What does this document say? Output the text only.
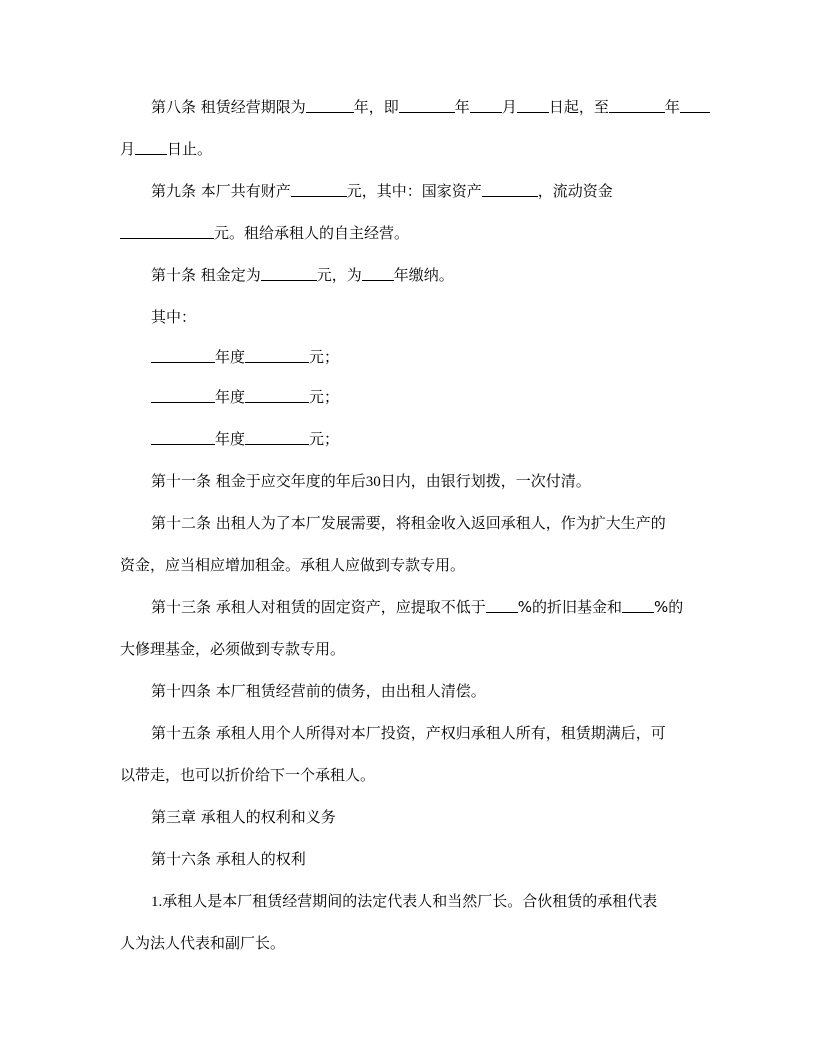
第八条 租赁经营期限为	年，即	年 月 日起，至	年
月 日止。
第九条 本厂共有财产	元，其中：国家资产	，流动资金
元。租给承租人的自主经营。
第十条 租金定为	元，为 年缴纳。
其中：
年度	元；
年度	元；
年度	元；
第十一条 租金于应交年度的年后30日内，由银行划拨，一次付清。
第十二条 出租人为了本厂发展需要，将租金收入返回承租人，作为扩大生产的
资金，应当相应增加租金。承租人应做到专款专用。
第十三条 承租人对租赁的固定资产，应提取不低于 %的折旧基金和 %的
大修理基金，必须做到专款专用。
第十四条 本厂租赁经营前的债务，由出租人清偿。
第十五条 承租人用个人所得对本厂投资，产权归承租人所有，租赁期满后，可
以带走，也可以折价给下一个承租人。
第三章 承租人的权利和义务
第十六条 承租人的权利
1.承租人是本厂租赁经营期间的法定代表人和当然厂长。合伙租赁的承租代表
人为法人代表和副厂长。
